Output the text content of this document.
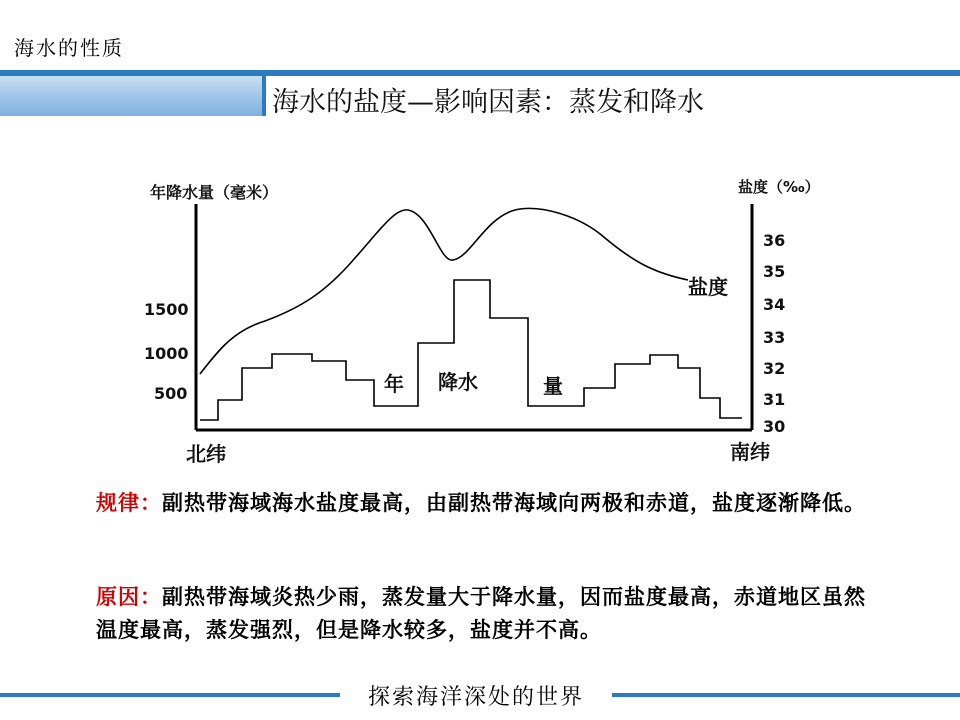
海水的性质
海水的盐度—影响因素：蒸发和降水
年降水量（毫米）	盐度（‰）
1500
1000
500
36
35
34
33
32
31
30
盐度
年 降水	量
北纬	南纬
规律：副热带海域海水盐度最高，由副热带海域向两极和赤道，盐度逐渐降低。
原因：副热带海域炎热少雨，蒸发量大于降水量，因而盐度最高，赤道地区虽然温度最高，蒸发强烈，但是降水较多，盐度并不高。
探索海洋深处的世界
